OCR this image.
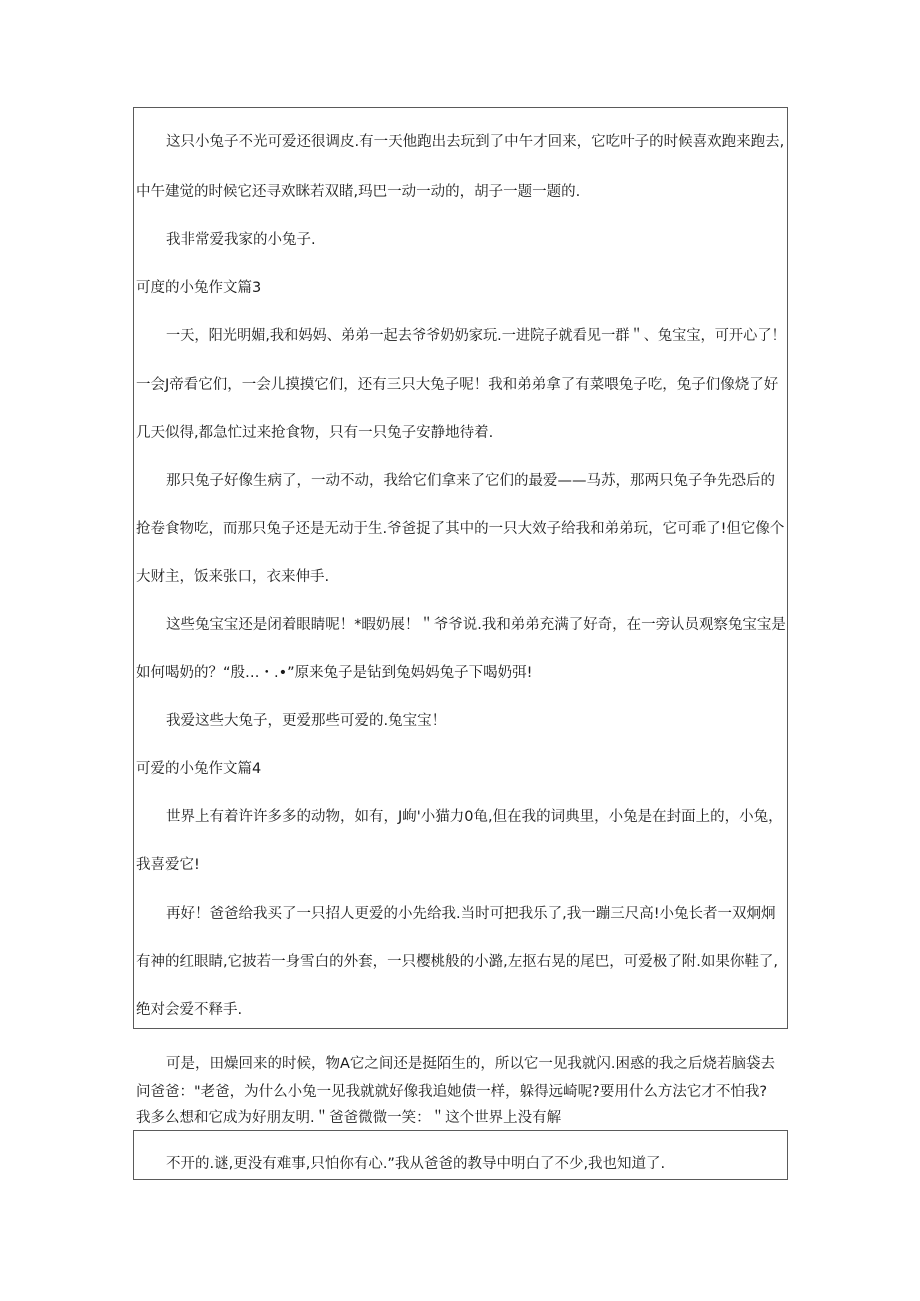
这只小兔子不光可爱还很调皮.有一天他跑出去玩到了中午才回来，它吃叶子的时候喜欢跑来跑去,
中午建觉的时候它还寻欢眯若双睹,玛巴一动一动的，胡子一题一题的.
我非常爱我家的小兔子.
可度的小兔作文篇3
一天，阳光明媚,我和妈妈、弟弟一起去爷爷奶奶家玩.一进院子就看见一群＂、兔宝宝，可开心了！
一会J帝看它们，一会儿摸摸它们，还有三只大兔子呢！我和弟弟拿了有菜喂兔子吃，兔子们像烧了好
几天似得,都急忙过来抢食物，只有一只兔子安静地待着.
那只兔子好像生病了，一动不动，我给它们拿来了它们的最爱——马苏，那两只兔子争先恐后的
抢卷食物吃，而那只兔子还是无动于生.爷爸捉了其中的一只大效子给我和弟弟玩，它可乖了!但它像个
大财主，饭来张口，衣来伸手.
这些兔宝宝还是闭着眼睛呢！*暇奶展！＂爷爷说.我和弟弟充满了好奇，在一旁认员观察兔宝宝是
如何喝奶的？“殷…・.•”原来兔子是钻到兔妈妈兔子下喝奶弭!
我爱这些大兔子，更爱那些可爱的.兔宝宝！
可爱的小兔作文篇4
世界上有着许许多多的动物，如有，J岣'小猫力0龟,但在我的词典里，小兔是在封面上的，小兔，
我喜爱它!
再好！爸爸给我买了一只招人更爱的小先给我.当时可把我乐了,我一蹦三尺高!小兔长者一双炯炯
有神的红眼睛,它披若一身雪白的外套，一只樱桃般的小潞,左抠右晃的尾巴，可爱极了附.如果你鞋了,
绝对会爱不释手.
可是，田燥回来的时候，物A它之间还是挺陌生的，所以它一见我就闪.困惑的我之后烧若脑袋去
问爸爸："老爸，为什么小兔一见我就就好像我追她债一样，躲得远崎呢?要用什么方法它才不怕我?
我多么想和它成为好朋友明.＂爸爸微微一笑：＂这个世界上没有解
不开的.谜,更没有难事,只怕你有心.”我从爸爸的教导中明白了不少,我也知道了.
